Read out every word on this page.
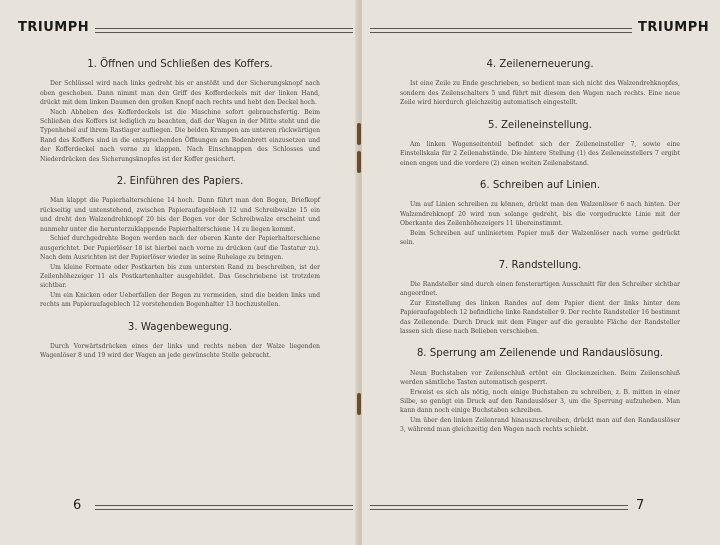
TRIUMPH
1. Öffnen und Schließen des Koffers.

Der Schlüssel wird nach links gedreht bis er anstößt und der Sicherungsknopf nach oben geschoben. Dann nimmt man den Griff des Kofferdeckels mit der linken Hand, drückt mit dem linken Daumen den großen Knopf nach rechts und hebt den Deckel hoch.

Nach Abheben des Kofferdeckels ist die Maschine sofort gebrauchsfertig. Beim Schließen des Koffers ist lediglich zu beachten, daß der Wagen in der Mitte steht und die Typenhebel auf ihrem Rastlager aufliegen. Die beiden Krampen am unteren rückwärtigen Rand des Koffers sind in die entsprechenden Öffnungen am Bodenbrett einzusetzen und der Kofferdeckel nach vorne zu klappen. Nach Einschnappen des Schlosses und Niederdrücken des Sicherungsknopfes ist der Koffer gesichert.

2. Einführen des Papiers.

Man klappt die Papierhalterschiene 14 hoch. Dann führt man den Bogen, Briefkopf rückseitig und untenstehend, zwischen Papieraufagebleeh 12 und Schreibwalze 15 ein und dreht den Walzendrehknopf 20 bis der Bogen vor der Schreibwalze erscheint und nunmehr unter die herunterzuklappende Papierhalterschiene 14 zu liegen kommt.

Schief durchgedrehte Bogen werden nach der oberen Kante der Papierhalterschiene ausgerichtet. Der Papierlöser 18 ist hierbei nach vorne zu drücken (auf die Tastatur zu). Nach dem Ausrichten ist der Papierlöser wieder in seine Ruhelage zu bringen.

Um kleine Formate oder Postkarten bis zum untersten Rand zu beschreiben, ist der Zeilenhöhezeiger 11 als Postkartenhalter ausgebildet. Das Geschriebene ist trotzdem sichtbar.

Um ein Knicken oder Ueberfallen der Bogen zu vermeiden, sind die beiden links und rechts am Papieraufageblech 12 vorstehenden Bogenhalter 13 hochzustellen.

3. Wagenbewegung.

Durch Vorwärtsdrücken eines der links und rechts neben der Walze liegenden Wagenlöser 8 und 19 wird der Wagen an jede gewünschte Stelle gebracht.

6
TRIUMPH
4. Zeilenerneuerung.

Ist eine Zeile zu Ende geschrieben, so bedient man sich nicht des Walzendrehknopfes, sondern des Zeilenschalters 5 und führt mit diesem den Wagen nach rechts. Eine neue Zeile wird hierdurch gleichzeitig automatisch eingestellt.

5. Zeileneinstellung.

Am linken Wagenseitenteil befindet sich der Zeileneinsteller 7, sowie eine Einstellskala für 2 Zeilenabstände. Die hintere Stellung (1) des Zeileneinstellers 7 ergibt einen engen und die vordere (2) einen weiten Zeilenabstand.

6. Schreiben auf Linien.

Um auf Linien schreiben zu können, drückt man den Walzenlöser 6 nach hinten. Der Walzendrehknopf 20 wird nun solange gedreht, bis die vorgedruckte Linie mit der Oberkante des Zeilenhöhezeigers 11 übereinstimmt.

Beim Schreiben auf unliniertem Papier muß der Walzenlöser nach vorne gedrückt sein.

7. Randstellung.

Die Randsteller sind durch einen fensterartigen Ausschnitt für den Schreiber sichtbar angeordnet.

Zur Einstellung des linken Randes auf dem Papier dient der links hinter dem Papieraufageblech 12 befindliche linke Randsteller 9. Der rechte Randsteller 16 bestimmt das Zeilenende. Durch Druck mit dem Finger auf die geraubte Fläche der Randsteller lassen sich diese nach Belieben verschieben.

8. Sperrung am Zeilenende und Randauslösung.

Neun Buchstaben vor Zeilenschluß ertönt ein Glockenzeichen. Beim Zeilenschluß werden sämtliche Tasten automatisch gesperrt.

Erweist es sich als nötig, noch einige Buchstaben zu schreiben, z. B. mitten in einer Silbe, so genügt ein Druck auf den Randauslöser 3, um die Sperrung aufzuheben. Man kann dann noch einige Buchstaben schreiben.

Um über den linken Zeilenrand hinauszuschreiben, drückt man auf den Randauslöser 3, während man gleichzeitig den Wagen nach rechts schiebt.

7
